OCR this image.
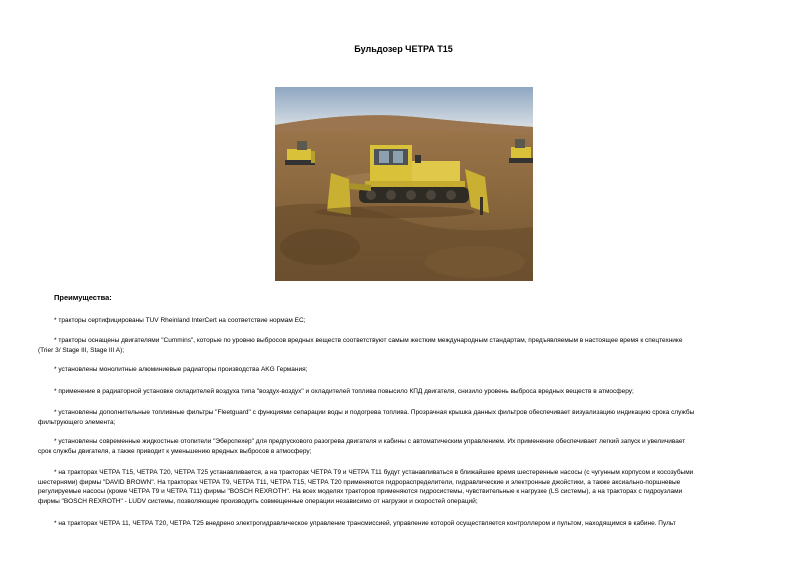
Бульдозер ЧЕТРА Т15
Преимущества:
* тракторы сертифицированы TUV Rheinland InterCert на соответствие нормам ЕС;
* тракторы оснащены двигателями "Cummins", которые по уровню выбросов вредных веществ соответствуют самым жестким международным стандартам, предъявляемым в настоящее время к спецтехнике
(Trier 3/ Stage III, Stage III A);
* установлены монолитные алюминиевые радиаторы производства AKG Германия;
* применение в радиаторной установке охладителей воздуха типа "воздух-воздух" и охладителей топлива повысило КПД двигателя, снизило уровень выброса вредных веществ в атмосферу;
* установлены дополнительные топливные фильтры "Fleetguard" с функциями сепарации воды и подогрева топлива. Прозрачная крышка данных фильтров обеспечивает визуализацию индикацию срока службы
фильтрующего элемента;
* установлены современные жидкостные отопители "Эберспехер" для предпускового разогрева двигателя и кабины с автоматическим управлением. Их применение обеспечивает легкий запуск и увеличивает
срок службы двигателя, а также приводит к уменьшению вредных выбросов в атмосферу;
* на тракторах ЧЕТРА Т15, ЧЕТРА Т20, ЧЕТРА Т25 устанавливается, а на тракторах ЧЕТРА Т9 и ЧЕТРА Т11 будут устанавливаться в ближайшее время шестеренные насосы (с чугунным корпусом и косозубыми
шестернями) фирмы "DAVID BROWN". На тракторах ЧЕТРА Т9, ЧЕТРА Т11, ЧЕТРА Т15, ЧЕТРА Т20 применяются гидрораспределители, гидравлические и электронные джойстики, а также аксиально-поршневые
регулируемые насосы (кроме ЧЕТРА Т9 и ЧЕТРА Т11) фирмы "BOSCH REXROTH". На всех моделях тракторов применяются гидросистемы, чувствительные к нагрузке (LS системы), а на тракторах с гидроузлами
фирмы "BOSCH REXROTH" - LUDV системы, позволяющие производить совмещенные операции независимо от нагрузки и скоростей операций;
* на тракторах ЧЕТРА 11, ЧЕТРА Т20, ЧЕТРА Т25 внедрено электрогидравлическое управление трансмиссией, управление которой осуществляется контроллером и пультом, находящимся в кабине. Пульт
